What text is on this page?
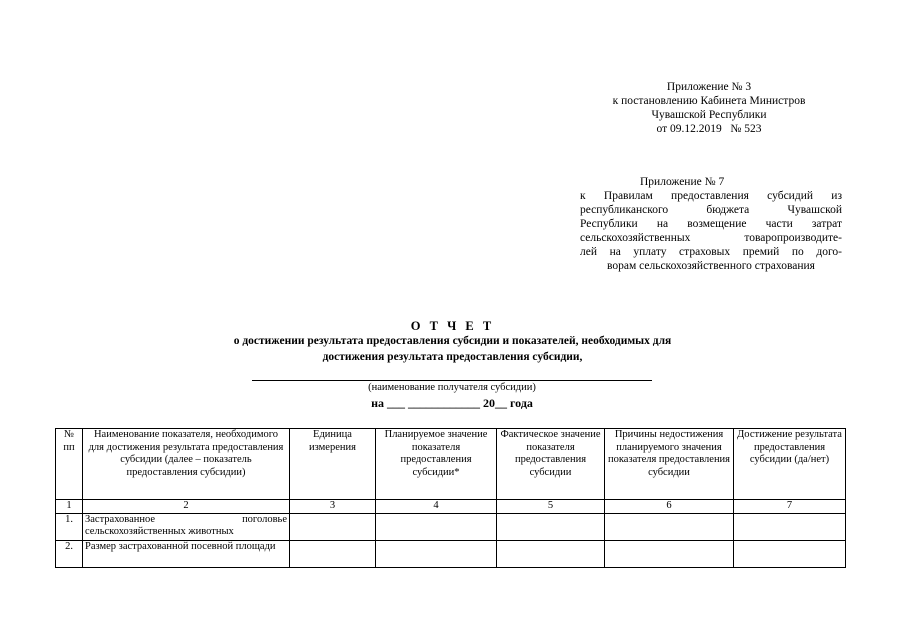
Приложение № 3
к постановлению Кабинета Министров
Чувашской Республики
от 09.12.2019   № 523
Приложение № 7
к Правилам предоставления субсидий из
республиканского бюджета Чувашской
Республики на возмещение части затрат
сельскохозяйственных товаропроизводите-
лей на уплату страховых премий по дого-
ворам сельскохозяйственного страхования
О Т Ч Е Т
о достижении результата предоставления субсидии и показателей, необходимых для
достижения результата предоставления субсидии,
(наименование получателя субсидии)
на ___ ____________ 20__ года
№ пп	Наименование показателя, необходимого для достижения результата предоставления субсидии (далее – показатель предоставления субсидии)	Единица измерения	Планируемое значение показателя предоставления субсидии*	Фактическое значение показателя предоставления субсидии	Причины недостижения планируемого значения показателя предоставления субсидии	Достижение результата предоставления субсидии (да/нет)
1	2	3	4	5	6	7
1.	Застрахованное поголовье сельскохозяйственных животных					
2.	Размер застрахованной посевной площади					
